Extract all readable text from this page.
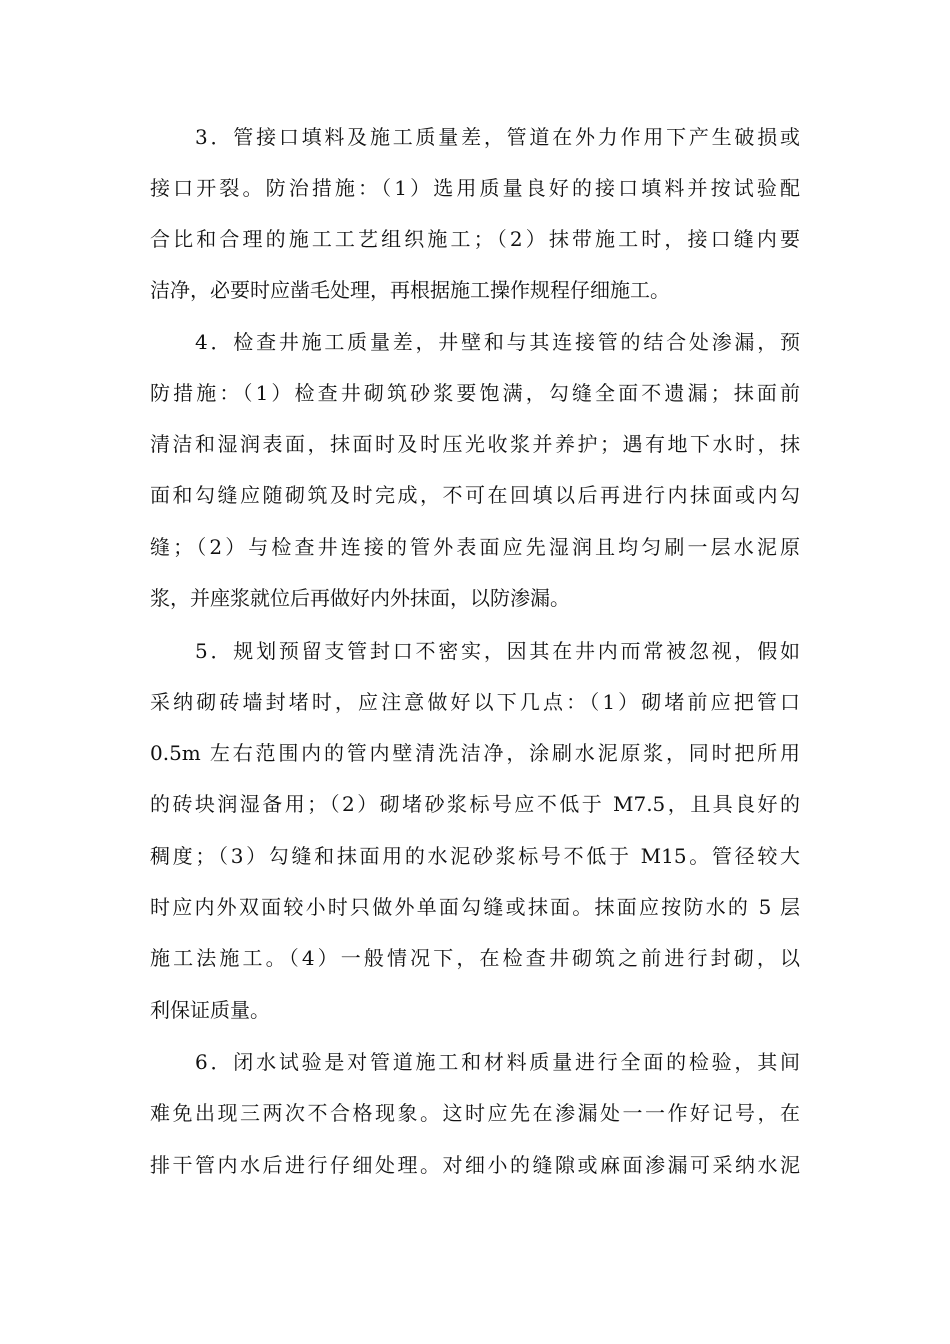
3．管接口填料及施工质量差，管道在外力作用下产生破损或
接口开裂。防治措施：（1）选用质量良好的接口填料并按试验配
合比和合理的施工工艺组织施工；（2）抹带施工时，接口缝内要
洁净，必要时应凿毛处理，再根据施工操作规程仔细施工。
4．检查井施工质量差，井壁和与其连接管的结合处渗漏，预
防措施：（1）检查井砌筑砂浆要饱满，勾缝全面不遗漏；抹面前
清洁和湿润表面，抹面时及时压光收浆并养护；遇有地下水时，抹
面和勾缝应随砌筑及时完成，不可在回填以后再进行内抹面或内勾
缝；（2）与检查井连接的管外表面应先湿润且均匀刷一层水泥原
浆，并座浆就位后再做好内外抹面，以防渗漏。
5．规划预留支管封口不密实，因其在井内而常被忽视，假如
采纳砌砖墙封堵时，应注意做好以下几点：（1）砌堵前应把管口
0.5m 左右范围内的管内壁清洗洁净，涂刷水泥原浆，同时把所用
的砖块润湿备用；（2）砌堵砂浆标号应不低于 M7.5，且具良好的
稠度；（3）勾缝和抹面用的水泥砂浆标号不低于 M15。管径较大
时应内外双面较小时只做外单面勾缝或抹面。抹面应按防水的 5 层
施工法施工。（4）一般情况下，在检查井砌筑之前进行封砌，以
利保证质量。
6．闭水试验是对管道施工和材料质量进行全面的检验，其间
难免出现三两次不合格现象。这时应先在渗漏处一一作好记号，在
排干管内水后进行仔细处理。对细小的缝隙或麻面渗漏可采纳水泥
